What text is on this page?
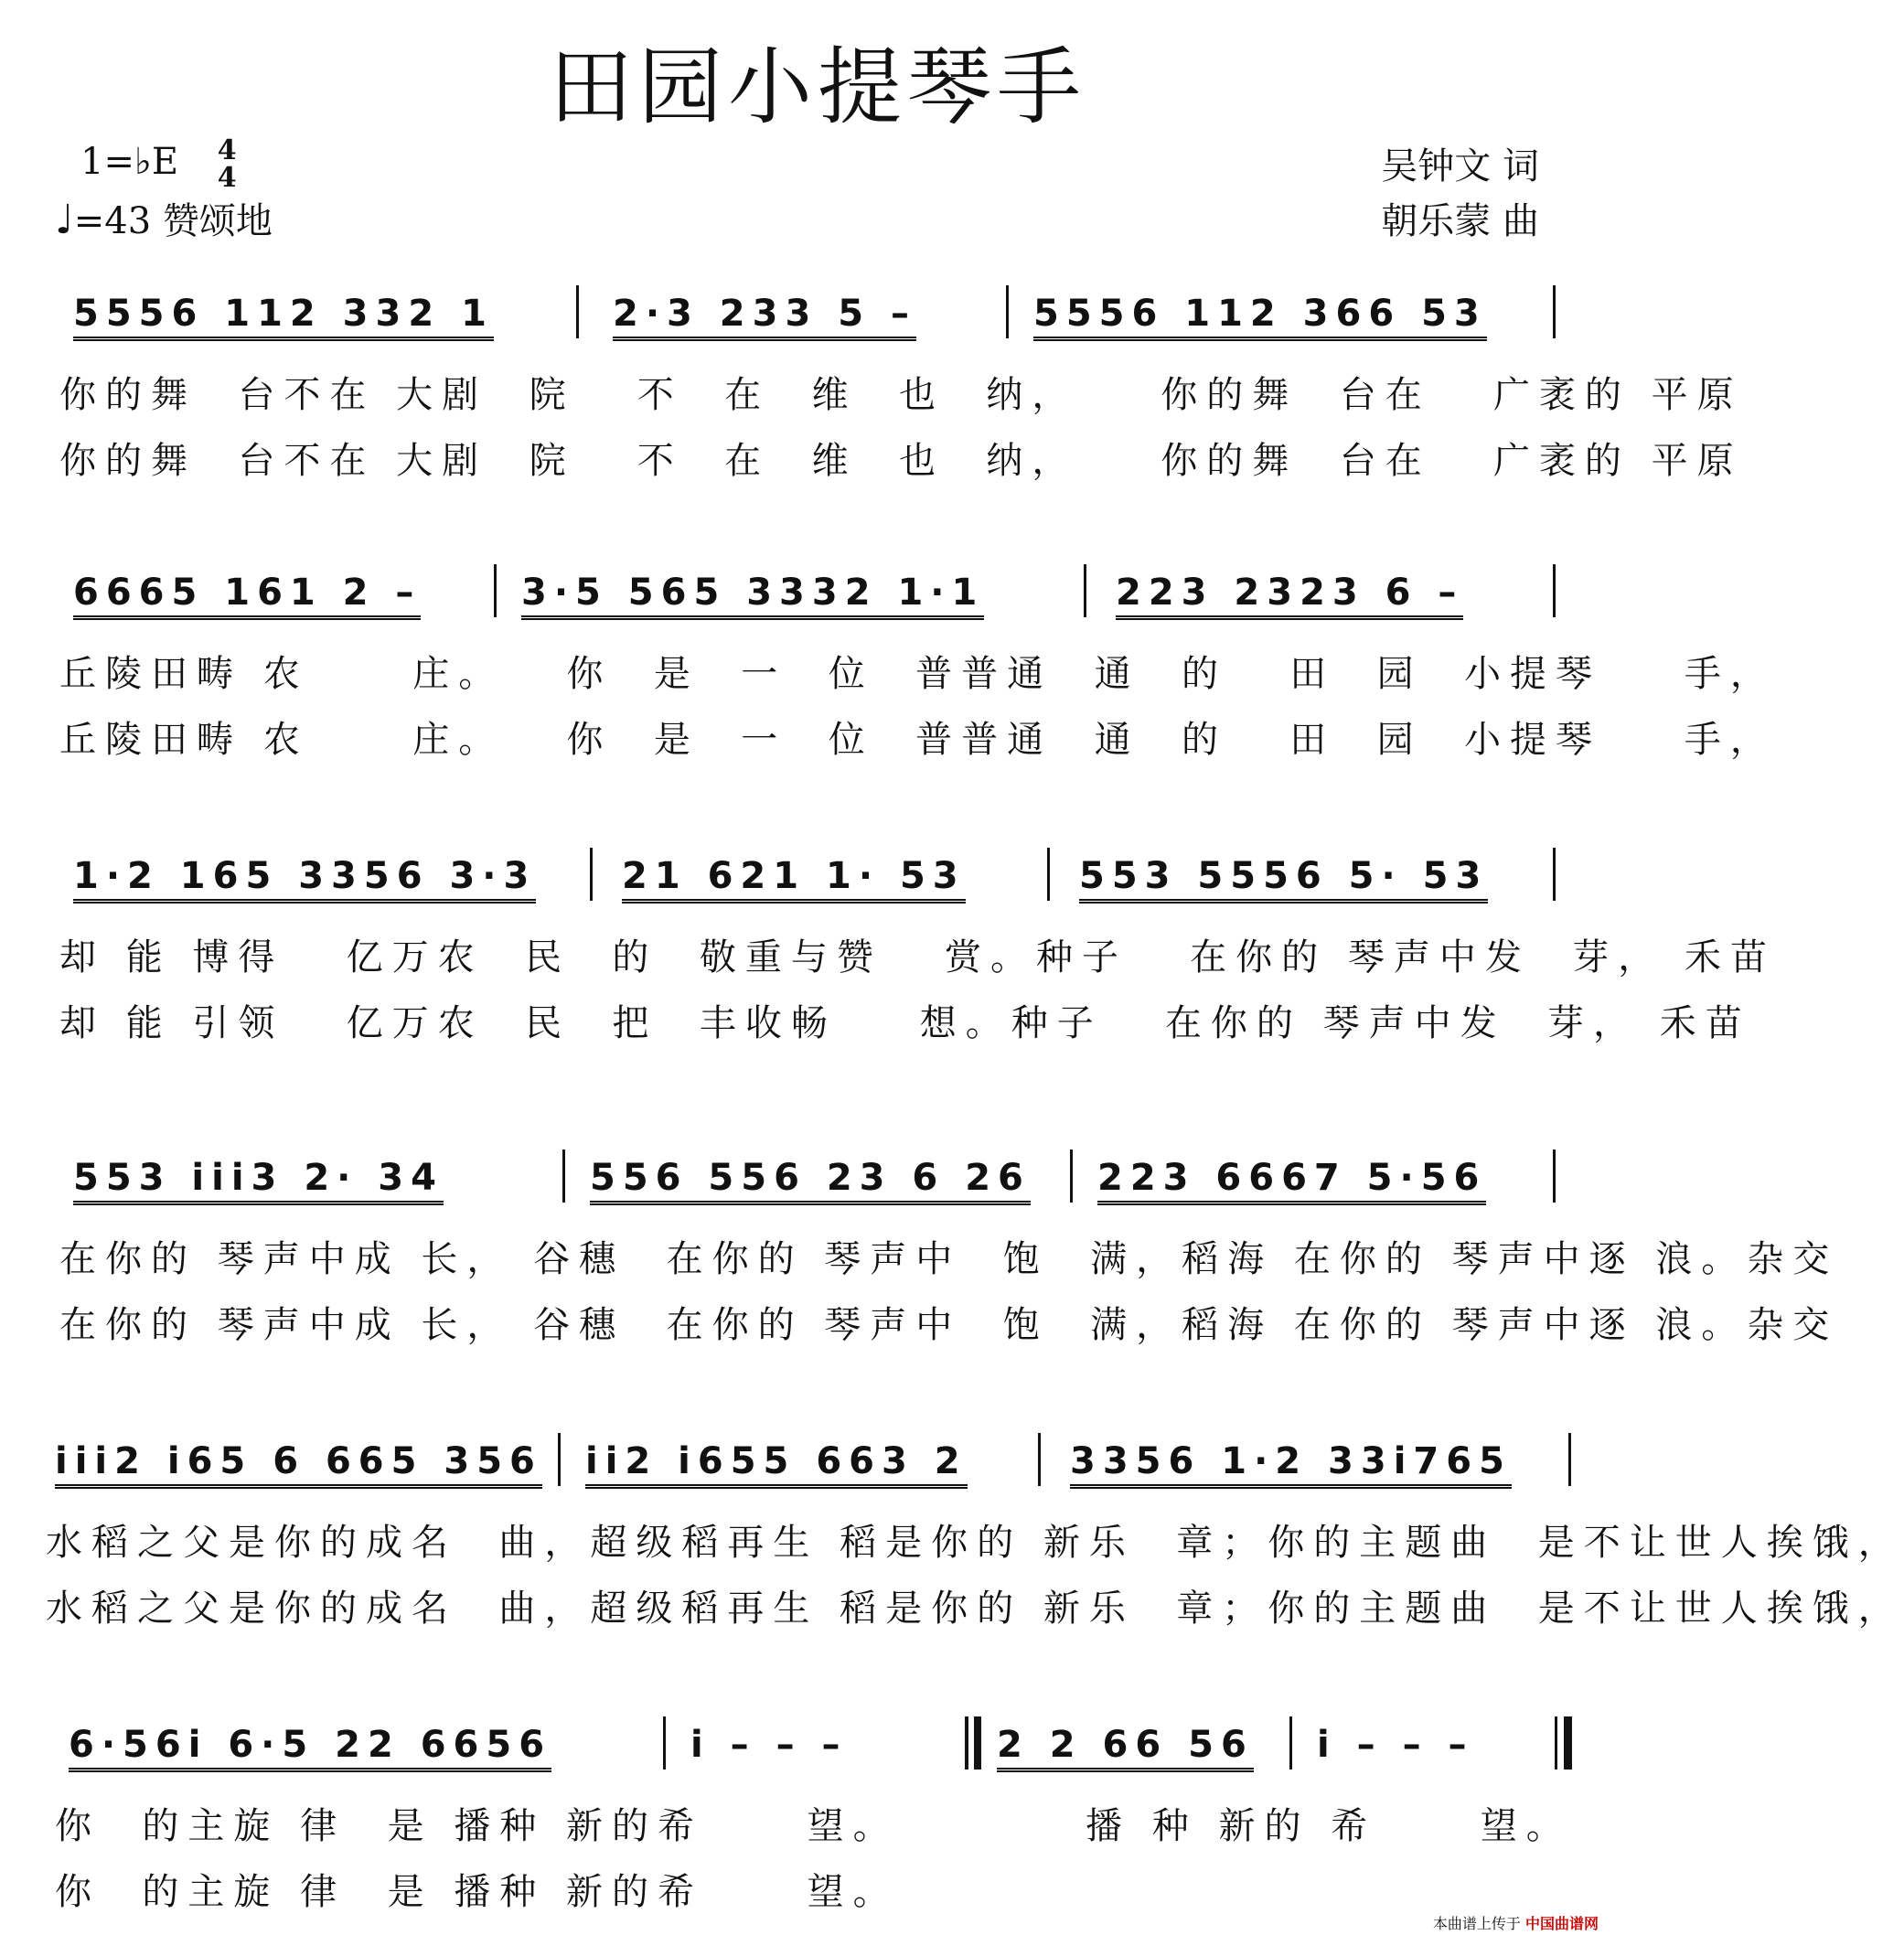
田园小提琴手
1=♭E 4
4
♩=43 赞颂地
吴钟文 词
朝乐蒙 曲
5556 112 332 1	2·3 233 5 –	5556 112 366 53
你的舞  台不在 大剧  院   不  在  维  也  纳，    你的舞  台在   广袤的 平原
你的舞  台不在 大剧  院   不  在  维  也  纳，    你的舞  台在   广袤的 平原
6665 161 2 –	3·5 565 3332 1·1	223 2323 6 –
丘陵田畴 农     庄。   你  是  一  位  普普通  通  的   田  园  小提琴    手，
丘陵田畴 农     庄。   你  是  一  位  普普通  通  的   田  园  小提琴    手，
1·2 165 3356 3·3 21 621 1· 53	553 5556 5· 53
却 能 博得   亿万农  民  的  敬重与赞   赏。种子   在你的 琴声中发  芽， 禾苗
却 能 引领   亿万农  民  把  丰收畅    想。种子   在你的 琴声中发  芽， 禾苗
553 iii3 2· 34	556 556 23 6 26 223 6667 5·56
在你的 琴声中成 长， 谷穗  在你的 琴声中  饱  满，稻海 在你的 琴声中逐 浪。杂交
在你的 琴声中成 长， 谷穗  在你的 琴声中  饱  满，稻海 在你的 琴声中逐 浪。杂交
iii2 i65 6 665 356 ii2 i655 663 2	3356 1·2 33i765
水稻之父是你的成名  曲，超级稻再生 稻是你的 新乐  章；你的主题曲  是不让世人挨饿，
水稻之父是你的成名  曲，超级稻再生 稻是你的 新乐  章；你的主题曲  是不让世人挨饿，
6·56i 6·5 22 6656	i – – –	2 2 66 56 i – – –
你  的主旋 律  是 播种 新的希     望。         播 种 新的 希     望。
你  的主旋 律  是 播种 新的希     望。
本曲谱上传于 中国曲谱网
